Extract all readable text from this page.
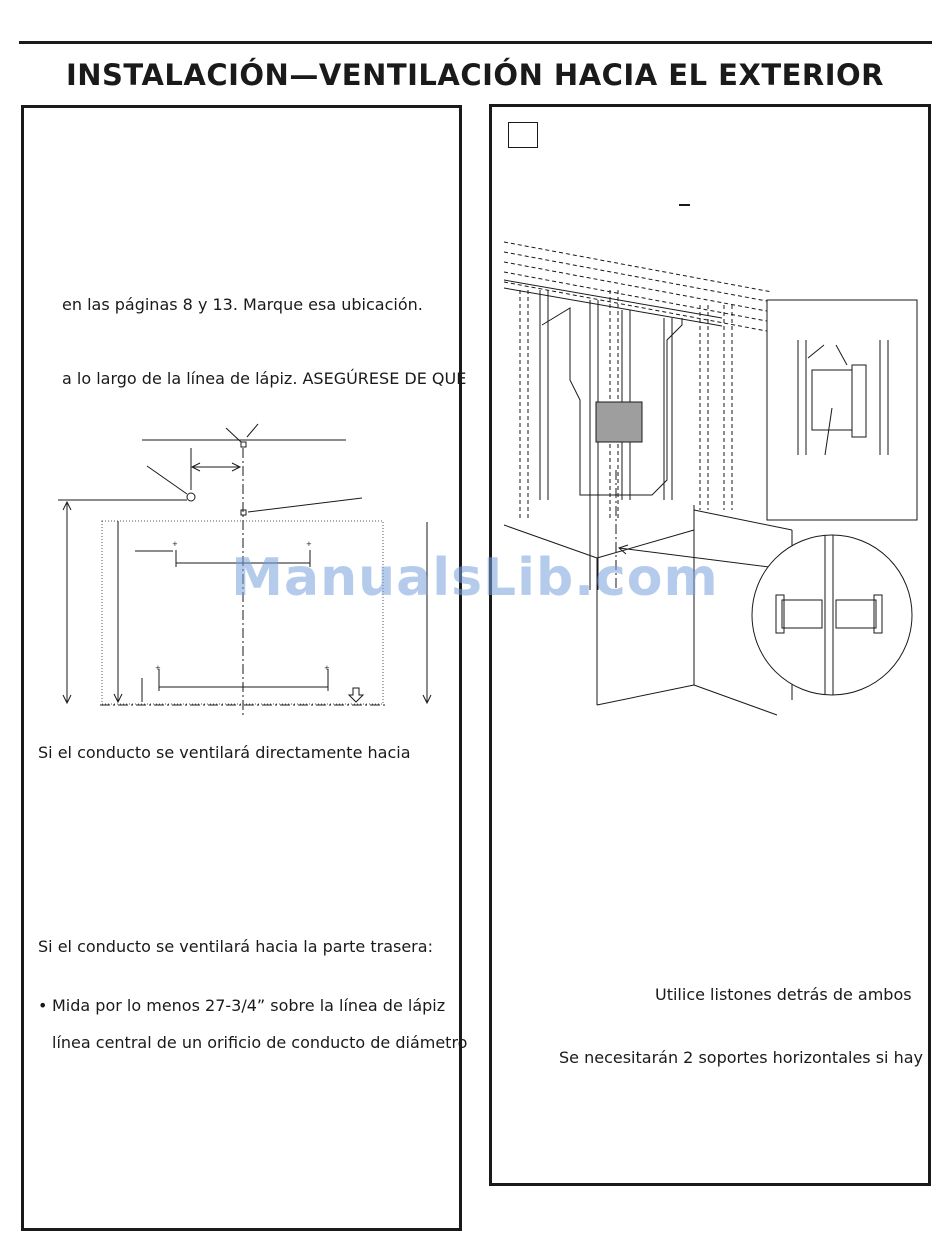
INSTALACIÓN—VENTILACIÓN HACIA EL EXTERIOR
en las páginas 8 y 13. Marque esa ubicación.
a lo largo de la línea de lápiz. ASEGÚRESE DE QUE
+	+
+	+
Si el conducto se ventilará directamente hacia
Si el conducto se ventilará hacia la parte trasera:
• Mida por lo menos 27-3/4” sobre la línea de lápiz
línea central de un orificio de conducto de diámetro
Utilice listones detrás de ambos
Se necesitarán 2 soportes horizontales si hay
ManualsLib.com
